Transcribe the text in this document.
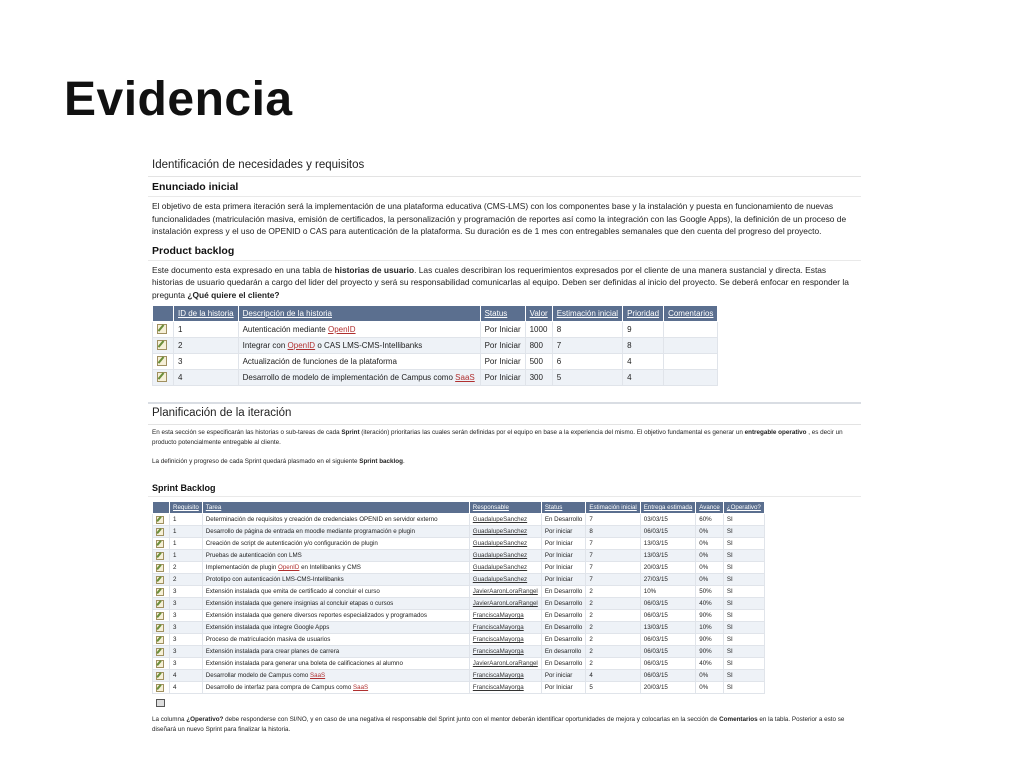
Evidencia
Identificación de necesidades y requisitos
Enunciado inicial
El objetivo de esta primera iteración será la implementación de una plataforma educativa (CMS-LMS) con los componentes base y la instalación y puesta en funcionamiento de nuevas funcionalidades (matriculación masiva, emisión de certificados, la personalización y programación de reportes así como la integración con las Google Apps), la definición de un proceso de instalación express y el uso de OPENID o CAS para autenticación de la plataforma. Su duración es de 1 mes con entregables semanales que den cuenta del progreso del proyecto.
Product backlog
Este documento esta expresado en una tabla de historias de usuario. Las cuales describiran los requerimientos expresados por el cliente de una manera sustancial y directa. Estas historias de usuario quedarán a cargo del lider del proyecto y será su responsabilidad comunicarlas al equipo. Deben ser definidas al inicio del proyecto. Se deberá enfocar en responder la pregunta ¿Qué quiere el cliente?
	ID de la historia	Descripción de la historia	Status	Valor	Estimación inicial	Prioridad	Comentarios
	1	Autenticación mediante OpenID	Por Iniciar	1000	8	9	
	2	Integrar con OpenID o CAS LMS-CMS-Intellibanks	Por Iniciar	800	7	8	
	3	Actualización de funciones de la plataforma	Por Iniciar	500	6	4	
	4	Desarrollo de modelo de implementación de Campus como SaaS	Por Iniciar	300	5	4	
Planificación de la iteración
En esta sección se especificarán las historias o sub-tareas de cada Sprint (iteración) prioritarias las cuales serán definidas por el equipo en base a la experiencia del mismo. El objetivo fundamental es generar un entregable operativo , es decir un producto potencialmente entregable al cliente.

La definición y progreso de cada Sprint quedará plasmado en el siguiente Sprint backlog.
Sprint Backlog
	Requisito	Tarea	Responsable	Status	Estimación inicial	Entrega estimada	Avance	¿Operativo?
	1	Determinación de requisitos y creación de credenciales OPENID en servidor externo	GuadalupeSanchez	En Desarrollo	7	03/03/15	60%	SI
	1	Desarrollo de página de entrada en moodle mediante programación e plugin	GuadalupeSanchez	Por iniciar	8	06/03/15	0%	SI
	1	Creación de script de autenticación y/o configuración de plugin	GuadalupeSanchez	Por Iniciar	7	13/03/15	0%	SI
	1	Pruebas de autenticación con LMS	GuadalupeSanchez	Por Iniciar	7	13/03/15	0%	SI
	2	Implementación de plugin OpenID en Intellibanks y CMS	GuadalupeSanchez	Por Iniciar	7	20/03/15	0%	SI
	2	Prototipo con autenticación LMS-CMS-Intellibanks	GuadalupeSanchez	Por Iniciar	7	27/03/15	0%	SI
	3	Extensión instalada que emita de certificado al concluir el curso	JavierAaronLoraRangel	En Desarrollo	2	10%	50%	SI
	3	Extensión instalada que genere insignias al concluir etapas o cursos	JavierAaronLoraRangel	En Desarrollo	2	06/03/15	40%	SI
	3	Extensión instalada que genere diversos reportes especializados y programados	FranciscaMayorga	En Desarrollo	2	06/03/15	90%	SI
	3	Extensión instalada que integre Google Apps	FranciscaMayorga	En Desarrollo	2	13/03/15	10%	SI
	3	Proceso de matriculación masiva de usuarios	FranciscaMayorga	En Desarrollo	2	06/03/15	90%	SI
	3	Extensión instalada para crear planes de carrera	FranciscaMayorga	En desarrollo	2	06/03/15	90%	SI
	3	Extensión instalada para generar una boleta de calificaciones al alumno	JavierAaronLoraRangel	En Desarrollo	2	06/03/15	40%	SI
	4	Desarrollar modelo de Campus como SaaS	FranciscaMayorga	Por iniciar	4	06/03/15	0%	SI
	4	Desarrollo de interfaz para compra de Campus como SaaS	FranciscaMayorga	Por Iniciar	5	20/03/15	0%	SI
La columna ¿Operativo? debe responderse con SI/NO, y en caso de una negativa el responsable del Sprint junto con el mentor deberán identificar oportunidades de mejora y colocarlas en la sección de Comentarios en la tabla. Posterior a esto se diseñará un nuevo Sprint para finalizar la historia.
